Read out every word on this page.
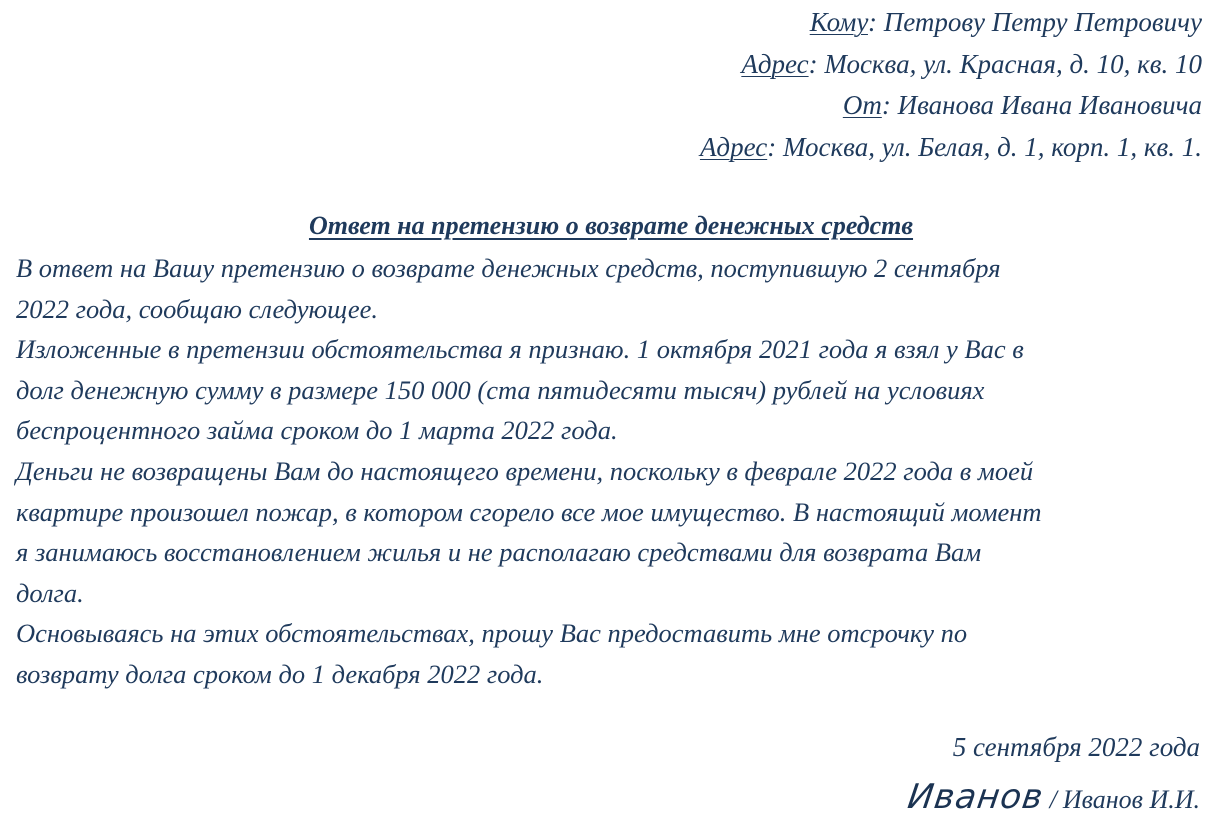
Кому: Петрову Петру Петровичу
Адрес: Москва, ул. Красная, д. 10, кв. 10
От: Иванова Ивана Ивановича
Адрес: Москва, ул. Белая, д. 1, корп. 1, кв. 1.
Ответ на претензию о возврате денежных средств
В ответ на Вашу претензию о возврате денежных средств, поступившую 2 сентября
2022 года, сообщаю следующее.
Изложенные в претензии обстоятельства я признаю. 1 октября 2021 года я взял у Вас в
долг денежную сумму в размере 150 000 (ста пятидесяти тысяч) рублей на условиях
беспроцентного займа сроком до 1 марта 2022 года.
Деньги не возвращены Вам до настоящего времени, поскольку в феврале 2022 года в моей
квартире произошел пожар, в котором сгорело все мое имущество. В настоящий момент
я занимаюсь восстановлением жилья и не располагаю средствами для возврата Вам
долга.
Основываясь на этих обстоятельствах, прошу Вас предоставить мне отсрочку по
возврату долга сроком до 1 декабря 2022 года.
5 сентября 2022 года
Иванов / Иванов И.И.
